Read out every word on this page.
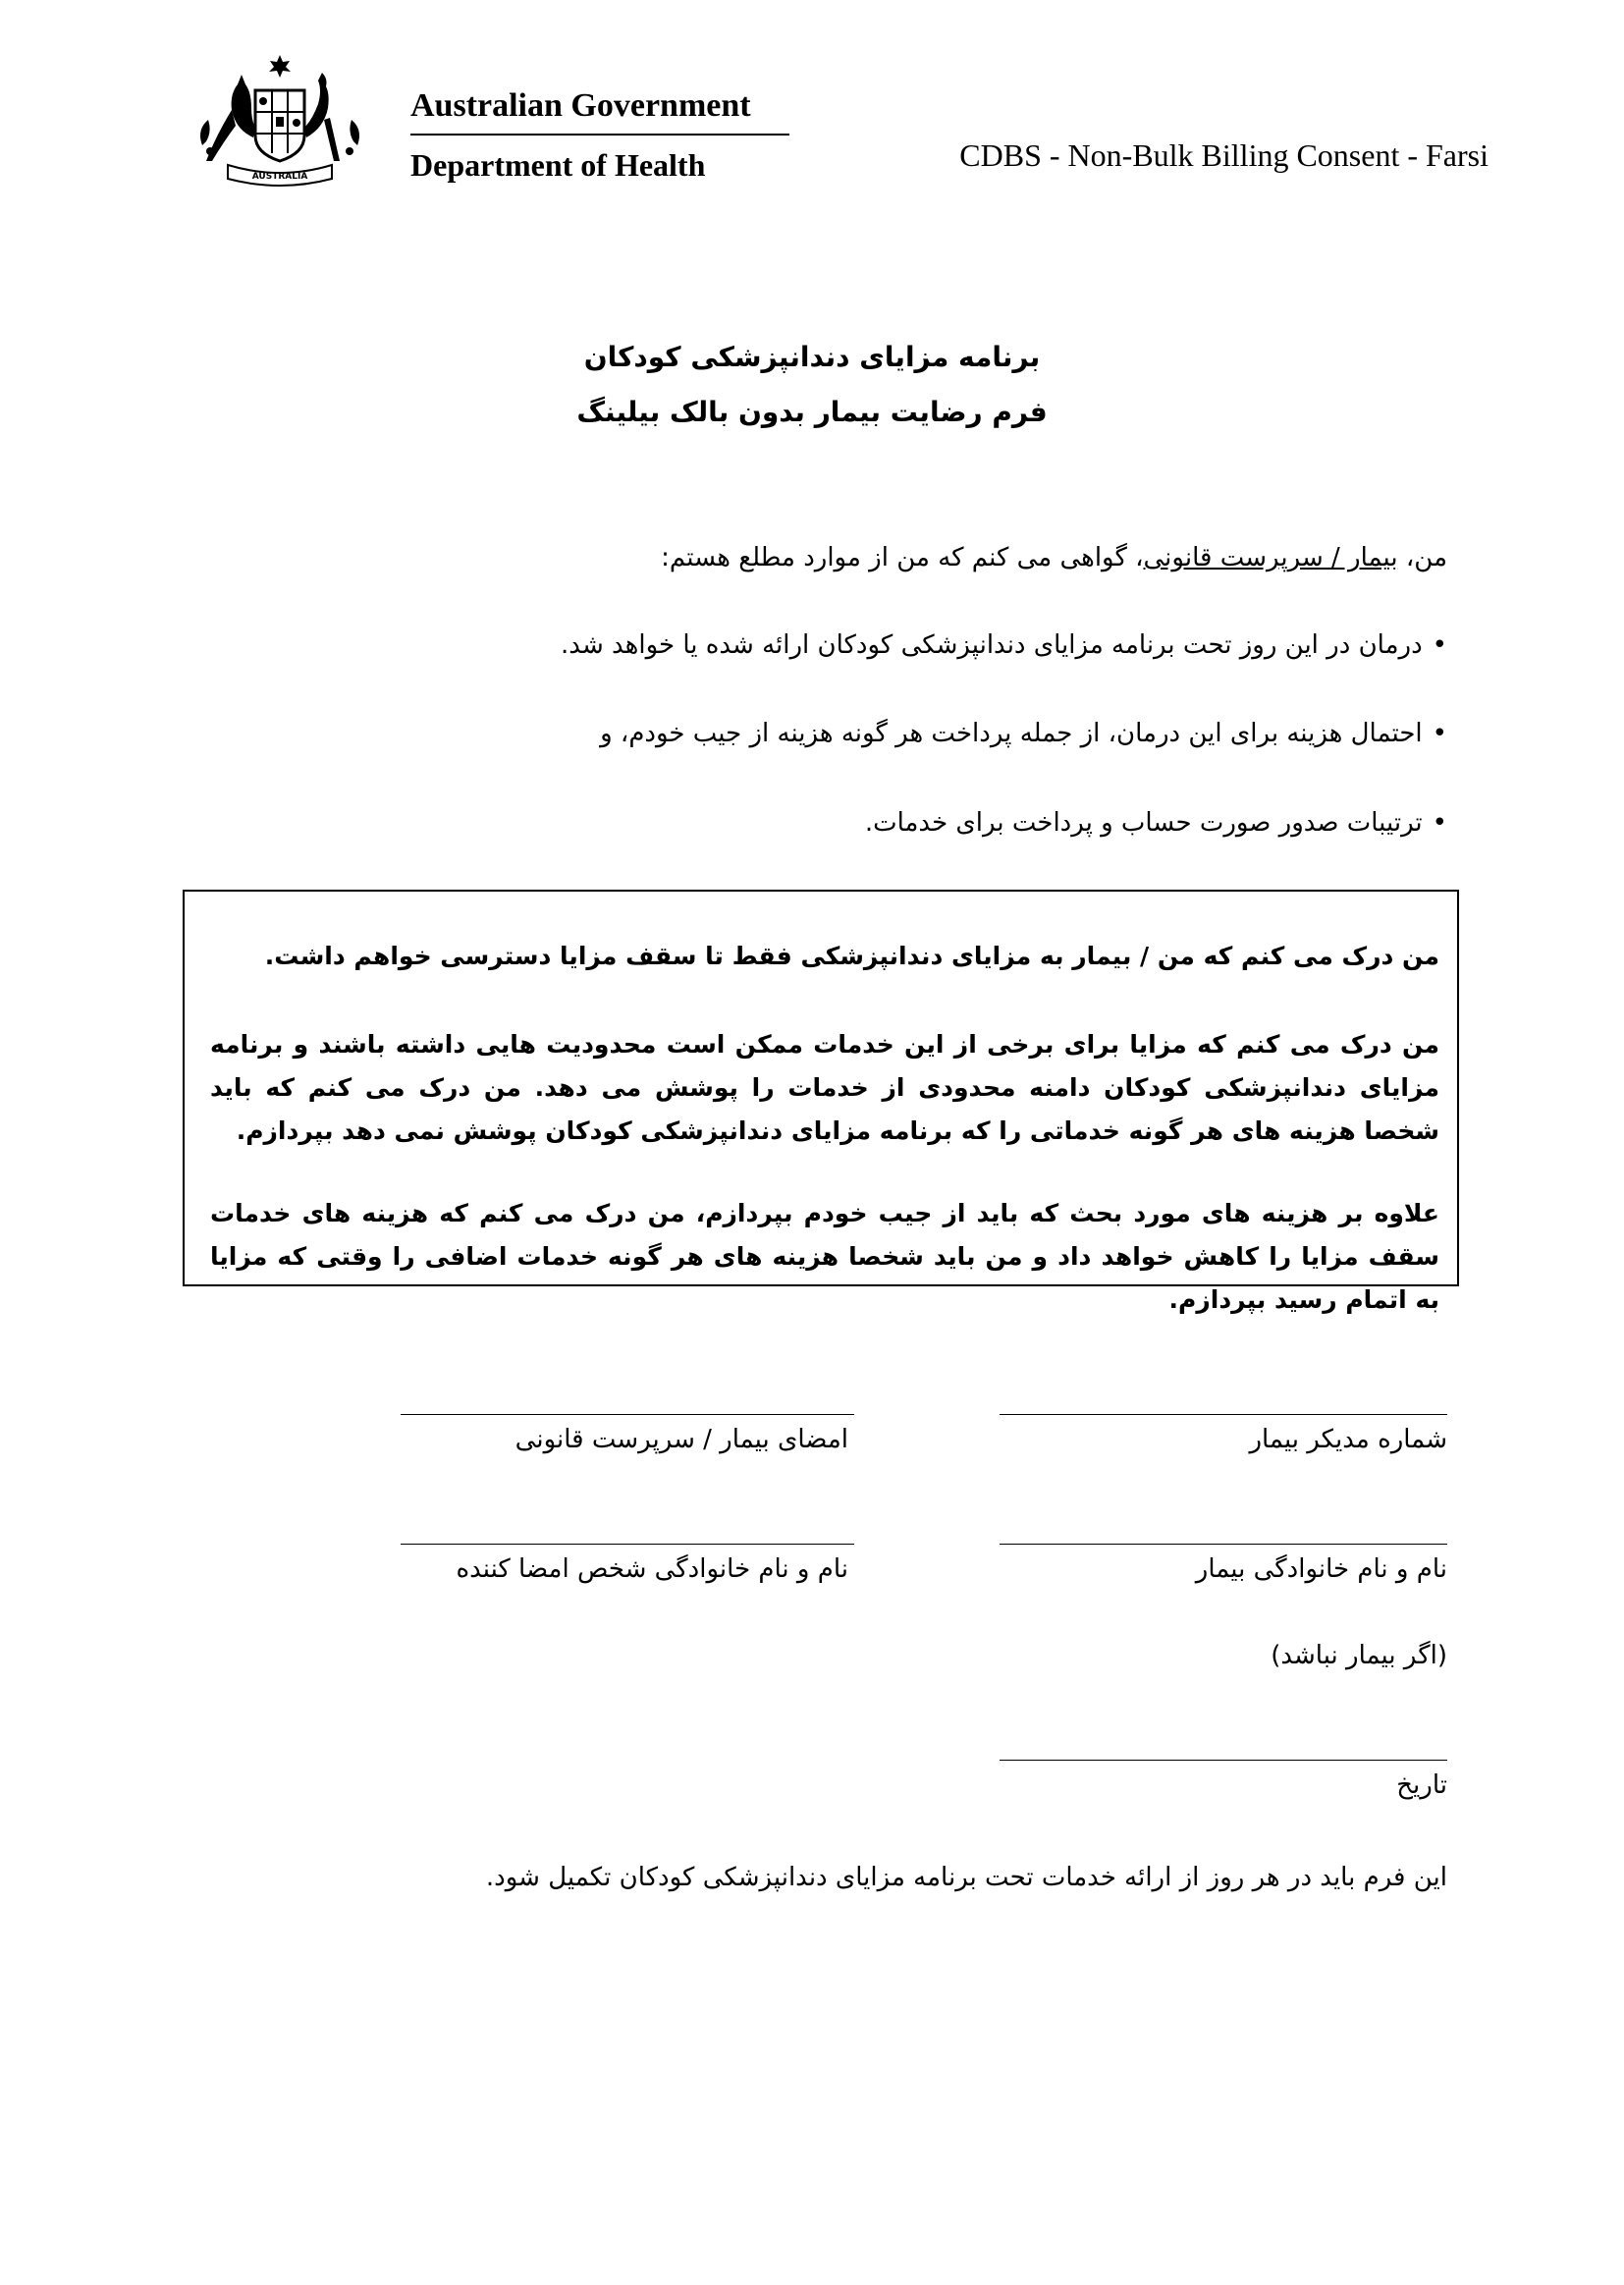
AUSTRALIA
Australian Government
Department of Health	CDBS - Non-Bulk Billing Consent - Farsi
برنامه مزایای دندانپزشکی کودکان
فرم رضایت بیمار بدون بالک بیلینگ
من، بیمار / سرپرست قانونی، گواهی می کنم که من از موارد مطلع هستم:
•درمان در این روز تحت برنامه مزایای دندانپزشکی کودکان ارائه شده یا خواهد شد.
•احتمال هزینه برای این درمان، از جمله پرداخت هر گونه هزینه از جیب خودم، و
•ترتیبات صدور صورت حساب و پرداخت برای خدمات.
من درک می کنم که من / بیمار به مزایای دندانپزشکی فقط تا سقف مزایا دسترسی خواهم داشت.
من درک می کنم که مزایا برای برخی از این خدمات ممکن است محدودیت هایی داشته باشند و برنامه مزایای دندانپزشکی کودکان دامنه محدودی از خدمات را پوشش می دهد. من درک می کنم که باید شخصا هزینه های هر گونه خدماتی را که برنامه مزایای دندانپزشکی کودکان پوشش نمی دهد بپردازم.
علاوه بر هزینه های مورد بحث که باید از جیب خودم بپردازم، من درک می کنم که هزینه های خدمات سقف مزایا را کاهش خواهد داد و من باید شخصا هزینه های هر گونه خدمات اضافی را وقتی که مزایا به اتمام رسید بپردازم.
امضای بیمار / سرپرست قانونی	شماره مدیکر بیمار
نام و نام خانوادگی شخص امضا کننده	نام و نام خانوادگی بیمار
(اگر بیمار نباشد)
تاریخ
این فرم باید در هر روز از ارائه خدمات تحت برنامه مزایای دندانپزشکی کودکان تکمیل شود.
